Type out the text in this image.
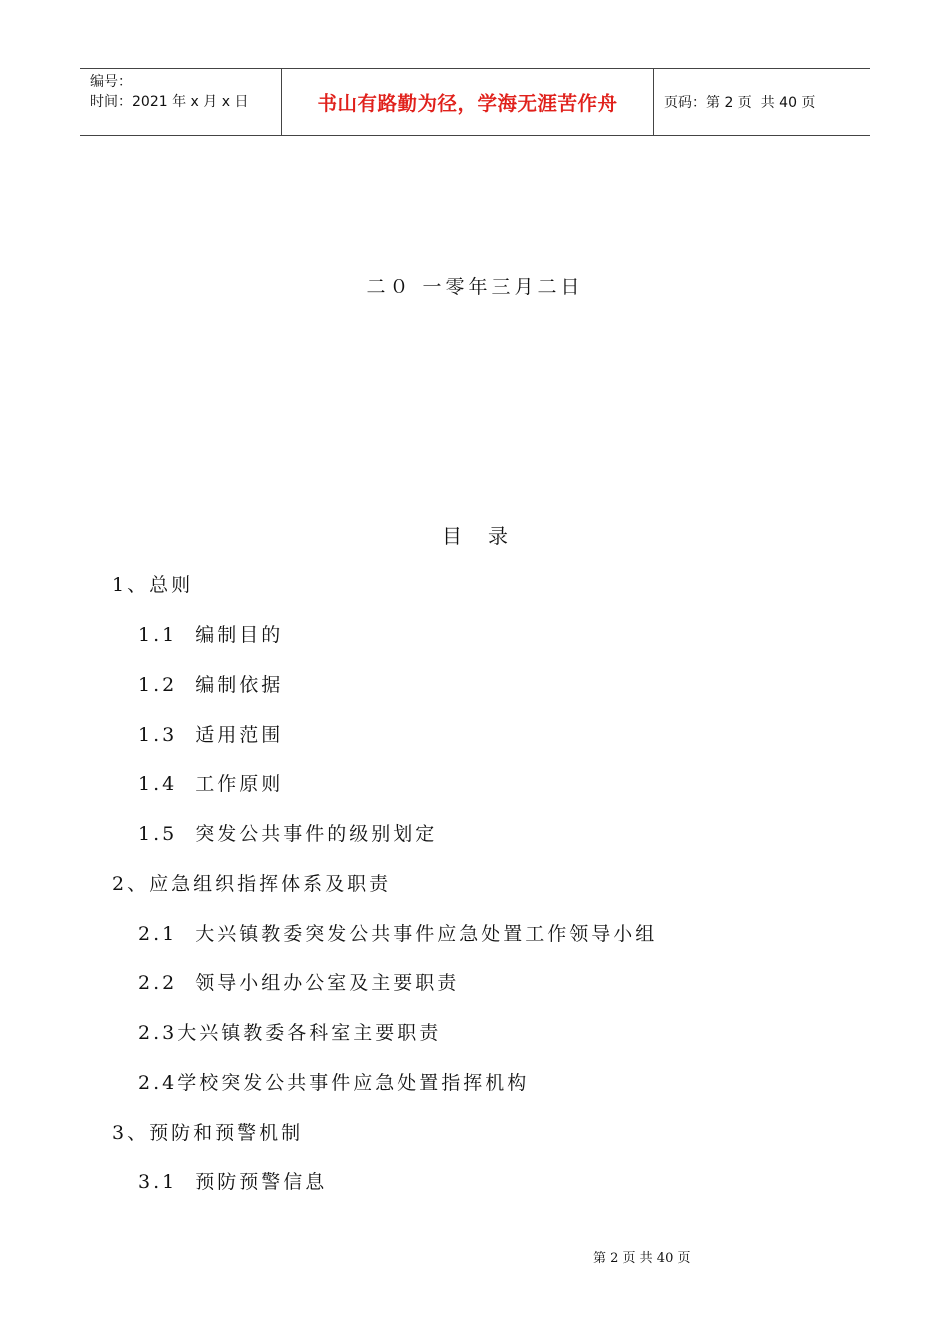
编号：
时间：2021 年 x 月 x 日	书山有路勤为径，学海无涯苦作舟	页码：第 2 页  共 40 页
二０ 一零年三月二日
目 录
1、总则
1.1  编制目的
1.2  编制依据
1.3  适用范围
1.4  工作原则
1.5  突发公共事件的级别划定
2、应急组织指挥体系及职责
2.1  大兴镇教委突发公共事件应急处置工作领导小组
2.2  领导小组办公室及主要职责
2.3大兴镇教委各科室主要职责
2.4学校突发公共事件应急处置指挥机构
3、预防和预警机制
3.1  预防预警信息
第 2 页 共 40 页
